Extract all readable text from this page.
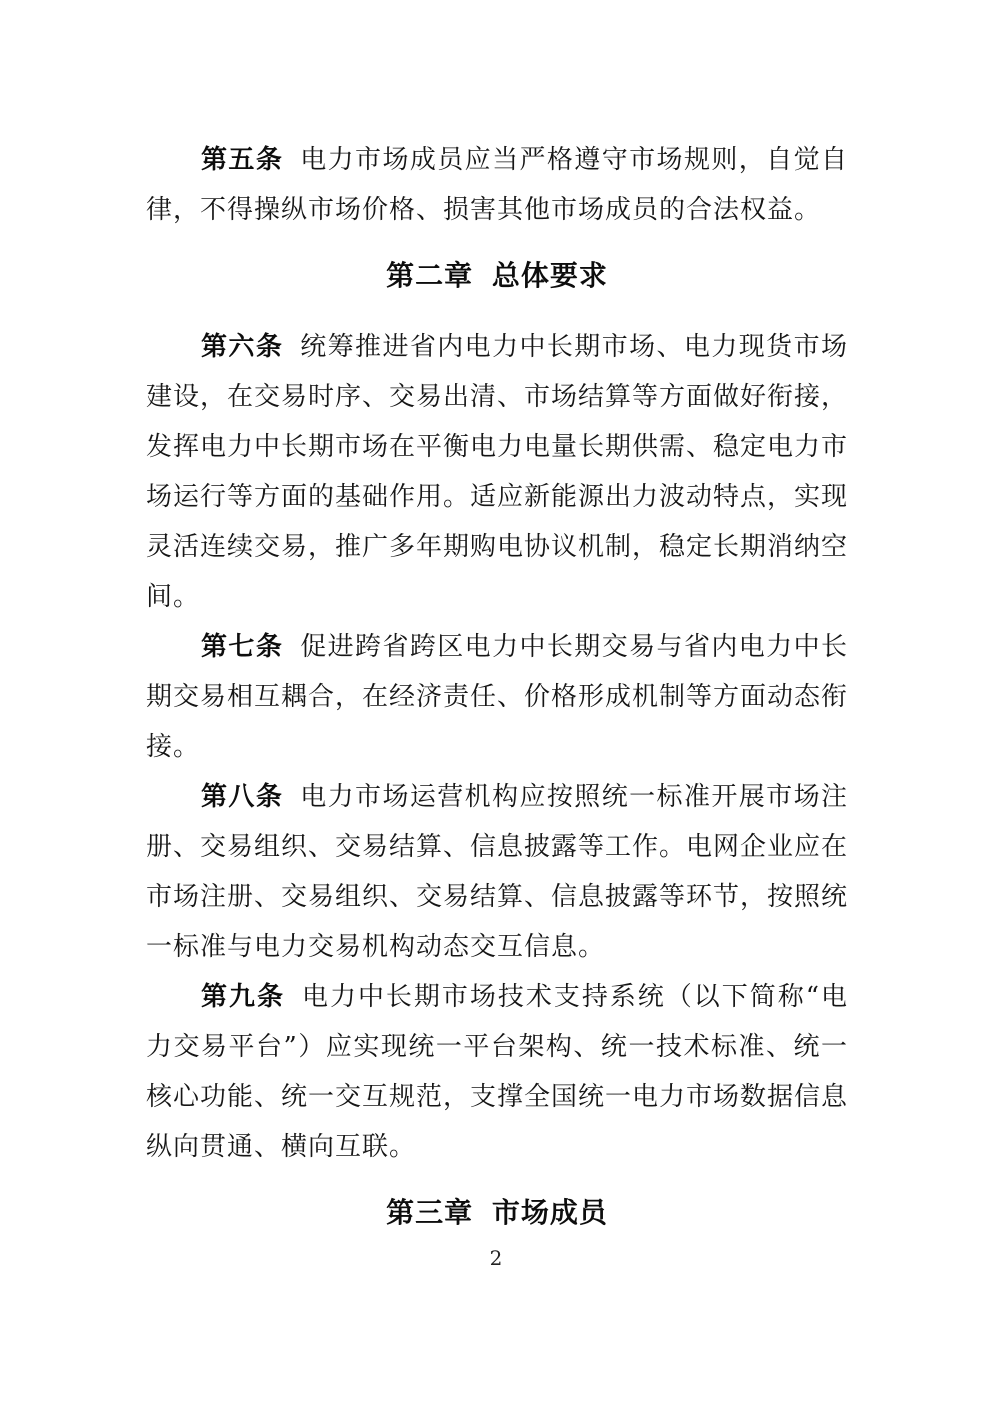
第五条 电力市场成员应当严格遵守市场规则，自觉自
律，不得操纵市场价格、损害其他市场成员的合法权益。
第二章 总体要求
第六条 统筹推进省内电力中长期市场、电力现货市场
建设，在交易时序、交易出清、市场结算等方面做好衔接，
发挥电力中长期市场在平衡电力电量长期供需、稳定电力市
场运行等方面的基础作用。适应新能源出力波动特点，实现
灵活连续交易，推广多年期购电协议机制，稳定长期消纳空
间。
第七条 促进跨省跨区电力中长期交易与省内电力中长
期交易相互耦合，在经济责任、价格形成机制等方面动态衔
接。
第八条 电力市场运营机构应按照统一标准开展市场注
册、交易组织、交易结算、信息披露等工作。电网企业应在
市场注册、交易组织、交易结算、信息披露等环节，按照统
一标准与电力交易机构动态交互信息。
第九条 电力中长期市场技术支持系统（以下简称“电
力交易平台”）应实现统一平台架构、统一技术标准、统一
核心功能、统一交互规范，支撑全国统一电力市场数据信息
纵向贯通、横向互联。
第三章 市场成员
2
